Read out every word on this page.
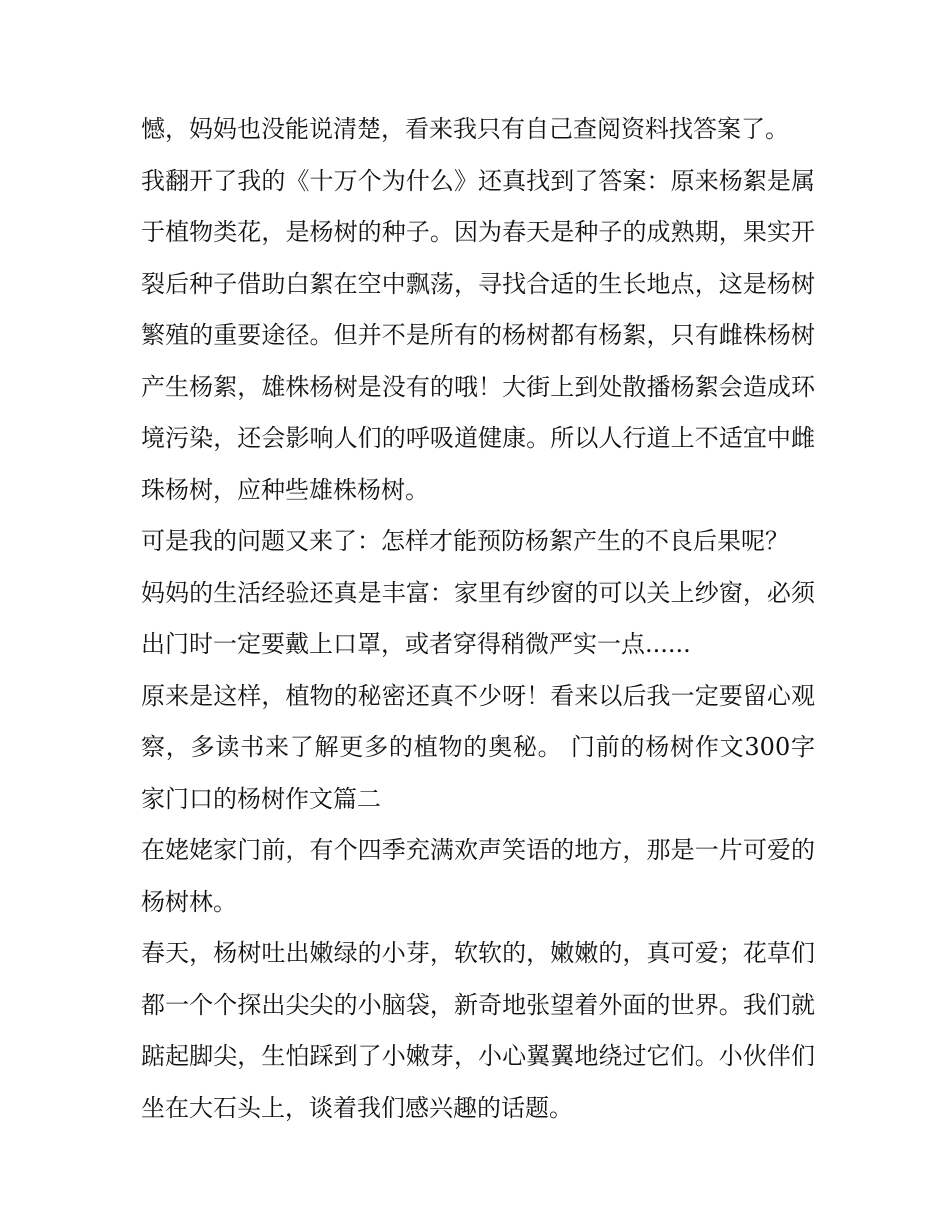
憾，妈妈也没能说清楚，看来我只有自己查阅资料找答案了。

我翻开了我的《十万个为什么》还真找到了答案：原来杨絮是属于植物类花，是杨树的种子。因为春天是种子的成熟期，果实开裂后种子借助白絮在空中飘荡，寻找合适的生长地点，这是杨树繁殖的重要途径。但并不是所有的杨树都有杨絮，只有雌株杨树产生杨絮，雄株杨树是没有的哦！大街上到处散播杨絮会造成环境污染，还会影响人们的呼吸道健康。所以人行道上不适宜中雌珠杨树，应种些雄株杨树。

可是我的问题又来了：怎样才能预防杨絮产生的不良后果呢？

妈妈的生活经验还真是丰富：家里有纱窗的可以关上纱窗，必须出门时一定要戴上口罩，或者穿得稍微严实一点......

原来是这样，植物的秘密还真不少呀！看来以后我一定要留心观察，多读书来了解更多的植物的奥秘。 门前的杨树作文300字 家门口的杨树作文篇二

在姥姥家门前，有个四季充满欢声笑语的地方，那是一片可爱的杨树林。

春天，杨树吐出嫩绿的小芽，软软的，嫩嫩的，真可爱；花草们都一个个探出尖尖的小脑袋，新奇地张望着外面的世界。我们就踮起脚尖，生怕踩到了小嫩芽，小心翼翼地绕过它们。小伙伴们坐在大石头上，谈着我们感兴趣的话题。
